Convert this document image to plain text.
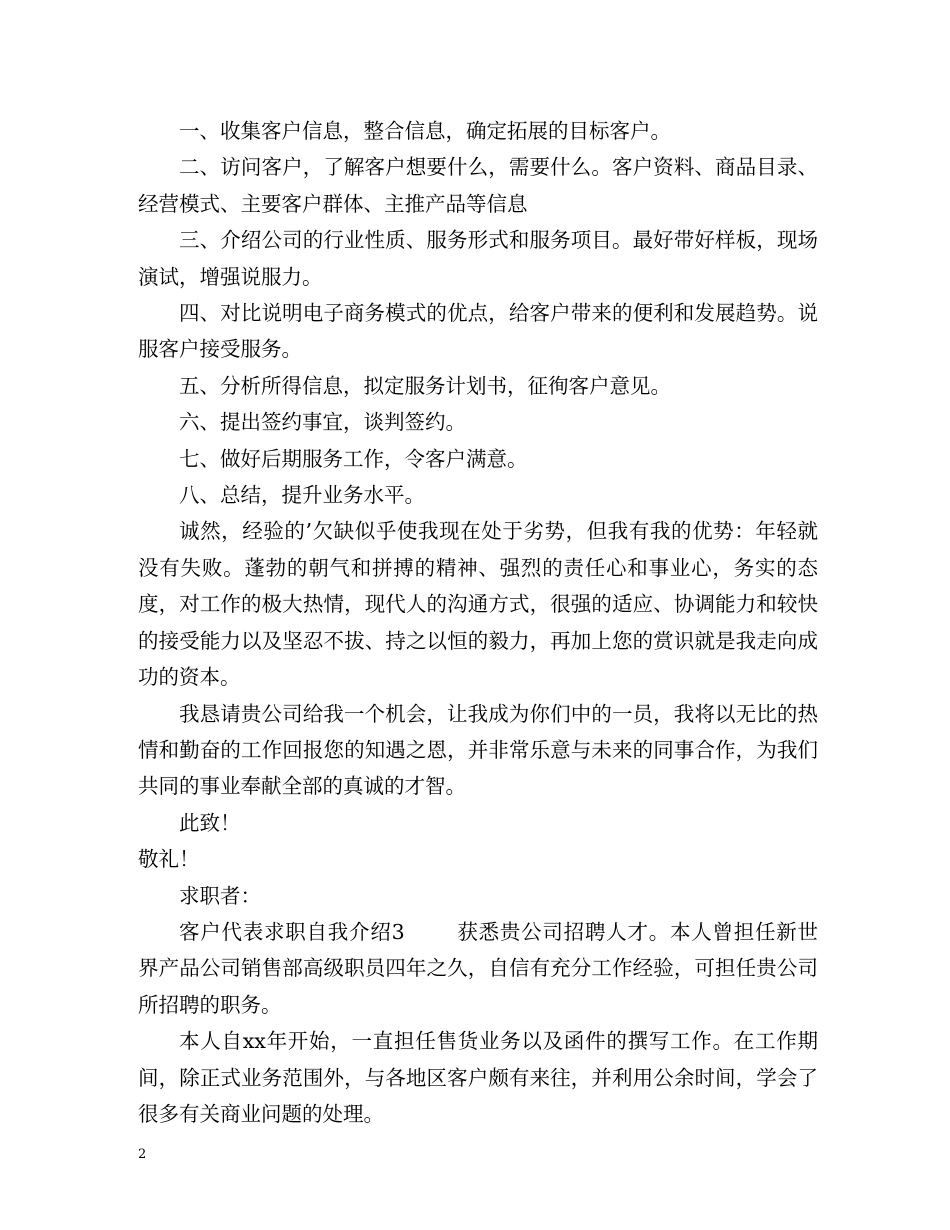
一、收集客户信息，整合信息，确定拓展的目标客户。

二、访问客户，了解客户想要什么，需要什么。客户资料、商品目录、经营模式、主要客户群体、主推产品等信息

三、介绍公司的行业性质、服务形式和服务项目。最好带好样板，现场演试，增强说服力。

四、对比说明电子商务模式的优点，给客户带来的便利和发展趋势。说服客户接受服务。

五、分析所得信息，拟定服务计划书，征徇客户意见。

六、提出签约事宜，谈判签约。

七、做好后期服务工作，令客户满意。

八、总结，提升业务水平。

诚然，经验的’欠缺似乎使我现在处于劣势，但我有我的优势：年轻就没有失败。蓬勃的朝气和拼搏的精神、强烈的责任心和事业心，务实的态度，对工作的极大热情，现代人的沟通方式，很强的适应、协调能力和较快的接受能力以及坚忍不拔、持之以恒的毅力，再加上您的赏识就是我走向成功的资本。

我恳请贵公司给我一个机会，让我成为你们中的一员，我将以无比的热情和勤奋的工作回报您的知遇之恩，并非常乐意与未来的同事合作，为我们共同的事业奉献全部的真诚的才智。

此致！

敬礼！

求职者：

客户代表求职自我介绍3	获悉贵公司招聘人才。本人曾担任新世界产品公司销售部高级职员四年之久，自信有充分工作经验，可担任贵公司所招聘的职务。

本人自xx年开始，一直担任售货业务以及函件的撰写工作。在工作期间，除正式业务范围外，与各地区客户颇有来往，并利用公余时间，学会了很多有关商业问题的处理。

2
